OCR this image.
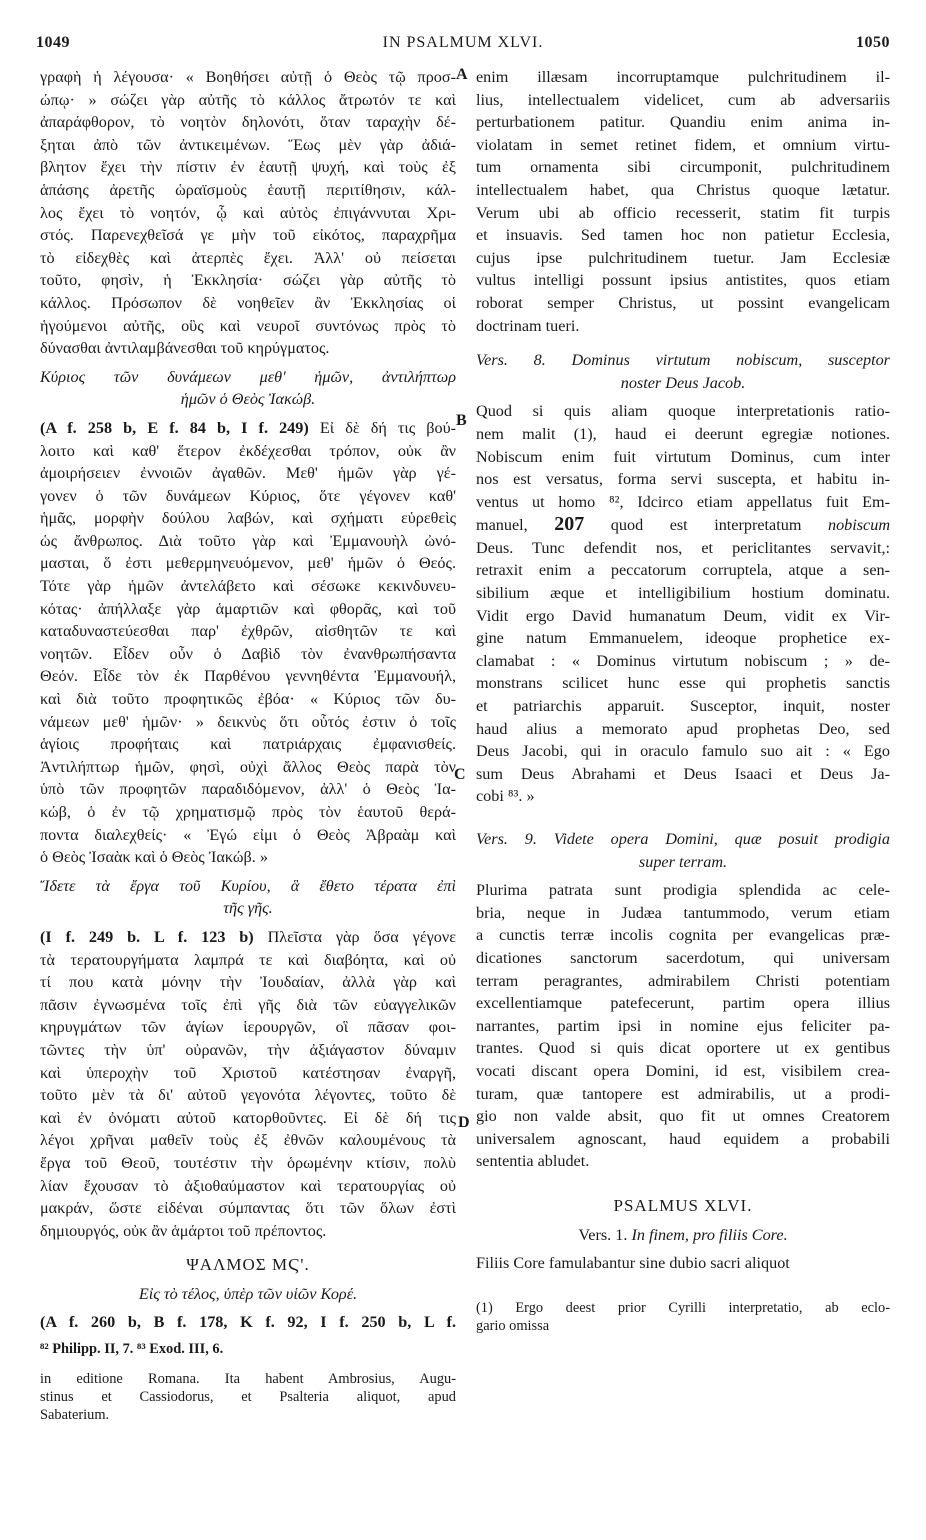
1049	IN PSALMUM XLVI.	1050
A
B
C
D
γραφὴ ἡ λέγουσα· « Βοηθήσει αὐτῇ ὁ Θεὸς τῷ προσ-
ώπῳ· » σώζει γὰρ αὐτῆς τὸ κάλλος ἄτρωτόν τε καὶ
ἀπαράφθορον, τὸ νοητὸν δηλονότι, ὅταν ταραχὴν δέ-
ξηται ἀπὸ τῶν ἀντικειμένων. Ἕως μὲν γὰρ ἀδιά-
βλητον ἔχει τὴν πίστιν ἐν ἑαυτῇ ψυχή, καὶ τοὺς ἐξ
ἁπάσης ἀρετῆς ὡραϊσμοὺς ἑαυτῇ περιτίθησιν, κάλ-
λος ἔχει τὸ νοητόν, ᾧ καὶ αὐτὸς ἐπιγάννυται Χρι-
στός. Παρενεχθεῖσά γε μὴν τοῦ εἰκότος, παραχρῆμα
τὸ εἰδεχθὲς καὶ ἀτερπὲς ἔχει. Ἀλλ' οὐ πείσεται
τοῦτο, φησὶν, ἡ Ἐκκλησία· σώζει γὰρ αὐτῆς τὸ
κάλλος. Πρόσωπον δὲ νοηθεῖεν ἂν Ἐκκλησίας οἱ
ἡγούμενοι αὐτῆς, οὓς καὶ νευροῖ συντόνως πρὸς τὸ
δύνασθαι ἀντιλαμβάνεσθαι τοῦ κηρύγματος.
Κύριος τῶν δυνάμεων μεθ' ἡμῶν, ἀντιλήπτωρ
ἡμῶν ὁ Θεὸς Ἰακώβ.
(A f. 258 b, E f. 84 b, I f. 249) Εἰ δὲ δή τις βού-
λοιτο καὶ καθ' ἕτερον ἐκδέχεσθαι τρόπον, οὐκ ἂν
ἀμοιρήσειεν ἐννοιῶν ἀγαθῶν. Μεθ' ἡμῶν γὰρ γέ-
γονεν ὁ τῶν δυνάμεων Κύριος, ὅτε γέγονεν καθ'
ἡμᾶς, μορφὴν δούλου λαβών, καὶ σχήματι εὑρεθεὶς
ὡς ἄνθρωπος. Διὰ τοῦτο γὰρ καὶ Ἐμμανουὴλ ὠνό-
μασται, ὅ ἐστι μεθερμηνευόμενον, μεθ' ἡμῶν ὁ Θεός.
Τότε γὰρ ἡμῶν ἀντελάβετο καὶ σέσωκε κεκινδυνευ-
κότας· ἀπήλλαξε γὰρ ἁμαρτιῶν καὶ φθορᾶς, καὶ τοῦ
καταδυναστεύεσθαι παρ' ἐχθρῶν, αἰσθητῶν τε καὶ
νοητῶν. Εἶδεν οὖν ὁ Δαβὶδ τὸν ἐνανθρωπήσαντα
Θεόν. Εἶδε τὸν ἐκ Παρθένου γεννηθέντα Ἐμμανουήλ,
καὶ διὰ τοῦτο προφητικῶς ἐβόα· « Κύριος τῶν δυ-
νάμεων μεθ' ἡμῶν· » δεικνὺς ὅτι οὗτός ἐστιν ὁ τοῖς
ἁγίοις προφήταις καὶ πατριάρχαις ἐμφανισθείς.
Ἀντιλήπτωρ ἡμῶν, φησὶ, οὐχὶ ἄλλος Θεὸς παρὰ τὸν
ὑπὸ τῶν προφητῶν παραδιδόμενον, ἀλλ' ὁ Θεὸς Ἰα-
κώβ, ὁ ἐν τῷ χρηματισμῷ πρὸς τὸν ἑαυτοῦ θερά-
ποντα διαλεχθείς· « Ἐγώ εἰμι ὁ Θεὸς Ἀβραὰμ καὶ
ὁ Θεὸς Ἰσαὰκ καὶ ὁ Θεὸς Ἰακώβ. »
Ἴδετε τὰ ἔργα τοῦ Κυρίου, ἃ ἔθετο τέρατα ἐπὶ
τῆς γῆς.
(I f. 249 b. L f. 123 b) Πλεῖστα γὰρ ὅσα γέγονε
τὰ τερατουργήματα λαμπρά τε καὶ διαβόητα, καὶ οὐ
τί που κατὰ μόνην τὴν Ἰουδαίαν, ἀλλὰ γὰρ καὶ
πᾶσιν ἐγνωσμένα τοῖς ἐπὶ γῆς διὰ τῶν εὐαγγελικῶν
κηρυγμάτων τῶν ἁγίων ἱερουργῶν, οἳ πᾶσαν φοι-
τῶντες τὴν ὑπ' οὐρανῶν, τὴν ἀξιάγαστον δύναμιν
καὶ ὑπεροχὴν τοῦ Χριστοῦ κατέστησαν ἐναργῆ,
τοῦτο μὲν τὰ δι' αὐτοῦ γεγονότα λέγοντες, τοῦτο δὲ
καὶ ἐν ὀνόματι αὐτοῦ κατορθοῦντες. Εἰ δὲ δή τις
λέγοι χρῆναι μαθεῖν τοὺς ἐξ ἐθνῶν καλουμένους τὰ
ἔργα τοῦ Θεοῦ, τουτέστιν τὴν ὁρωμένην κτίσιν, πολὺ
λίαν ἔχουσαν τὸ ἀξιοθαύμαστον καὶ τερατουργίας οὐ
μακράν, ὥστε εἰδέναι σύμπαντας ὅτι τῶν ὅλων ἐστὶ
δημιουργός, οὐκ ἂν ἁμάρτοι τοῦ πρέποντος.
ΨΑΛΜΟΣ ΜϚ'.
Εἰς τὸ τέλος, ὑπὲρ τῶν υἱῶν Κορέ.
(A f. 260 b, B f. 178, K f. 92, I f. 250 b, L f.
⁸² Philipp. II, 7. ⁸³ Exod. III, 6.
in editione Romana. Ita habent Ambrosius, Augu-
stinus et Cassiodorus, et Psalteria aliquot, apud
Sabaterium.
enim illæsam incorruptamque pulchritudinem il-
lius, intellectualem videlicet, cum ab adversariis
perturbationem patitur. Quandiu enim anima in-
violatam in semet retinet fidem, et omnium virtu-
tum ornamenta sibi circumponit, pulchritudinem
intellectualem habet, qua Christus quoque lætatur.
Verum ubi ab officio recesserit, statim fit turpis
et insuavis. Sed tamen hoc non patietur Ecclesia,
cujus ipse pulchritudinem tuetur. Jam Ecclesiæ
vultus intelligi possunt ipsius antistites, quos etiam
roborat semper Christus, ut possint evangelicam
doctrinam tueri.
Vers. 8. Dominus virtutum nobiscum, susceptor
noster Deus Jacob.
Quod si quis aliam quoque interpretationis ratio-
nem malit (1), haud ei deerunt egregiæ notiones.
Nobiscum enim fuit virtutum Dominus, cum inter
nos est versatus, forma servi suscepta, et habitu in-
ventus ut homo ⁸², Idcirco etiam appellatus fuit Em-
manuel, 207 quod est interpretatum nobiscum
Deus. Tunc defendit nos, et periclitantes servavit,:
retraxit enim a peccatorum corruptela, atque a sen-
sibilium æque et intelligibilium hostium dominatu.
Vidit ergo David humanatum Deum, vidit ex Vir-
gine natum Emmanuelem, ideoque prophetice ex-
clamabat : « Dominus virtutum nobiscum ; » de-
monstrans scilicet hunc esse qui prophetis sanctis
et patriarchis apparuit. Susceptor, inquit, noster
haud alius a memorato apud prophetas Deo, sed
Deus Jacobi, qui in oraculo famulo suo ait : « Ego
sum Deus Abrahami et Deus Isaaci et Deus Ja-
cobi ⁸³. »
Vers. 9. Videte opera Domini, quæ posuit prodigia
super terram.
Plurima patrata sunt prodigia splendida ac cele-
bria, neque in Judæa tantummodo, verum etiam
a cunctis terræ incolis cognita per evangelicas præ-
dicationes sanctorum sacerdotum, qui universam
terram peragrantes, admirabilem Christi potentiam
excellentiamque patefecerunt, partim opera illius
narrantes, partim ipsi in nomine ejus feliciter pa-
trantes. Quod si quis dicat oportere ut ex gentibus
vocati discant opera Domini, id est, visibilem crea-
turam, quæ tantopere est admirabilis, ut a prodi-
gio non valde absit, quo fit ut omnes Creatorem
universalem agnoscant, haud equidem a probabili
sententia abludet.
PSALMUS XLVI.
Vers. 1. In finem, pro filiis Core.
Filiis Core famulabantur sine dubio sacri aliquot
(1) Ergo deest prior Cyrilli interpretatio, ab eclo-
gario omissa
